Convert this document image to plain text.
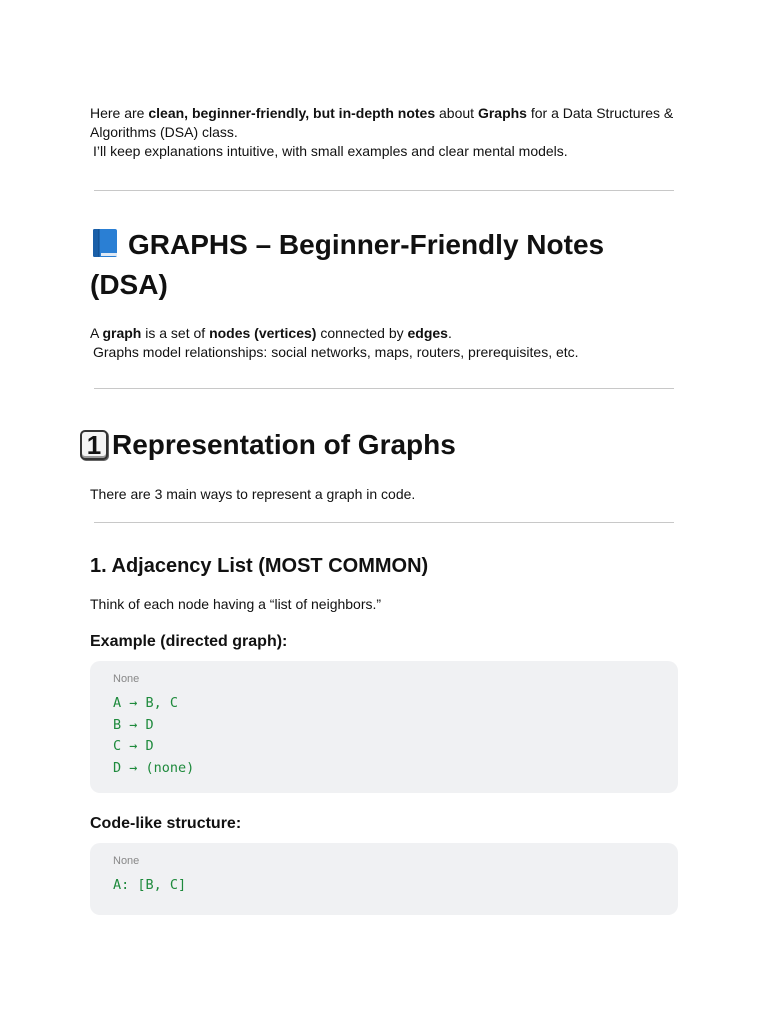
Here are clean, beginner-friendly, but in-depth notes about Graphs for a Data Structures & Algorithms (DSA) class.

I’ll keep explanations intuitive, with small examples and clear mental models.

GRAPHS – Beginner-Friendly Notes (DSA)

A graph is a set of nodes (vertices) connected by edges.

Graphs model relationships: social networks, maps, routers, prerequisites, etc.

1 Representation of Graphs

There are 3 main ways to represent a graph in code.

1. Adjacency List (MOST COMMON)

Think of each node having a “list of neighbors.”

Example (directed graph):
None
A → B, C
B → D
C → D
D → (none)
Code-like structure:
None
A: [B, C]
